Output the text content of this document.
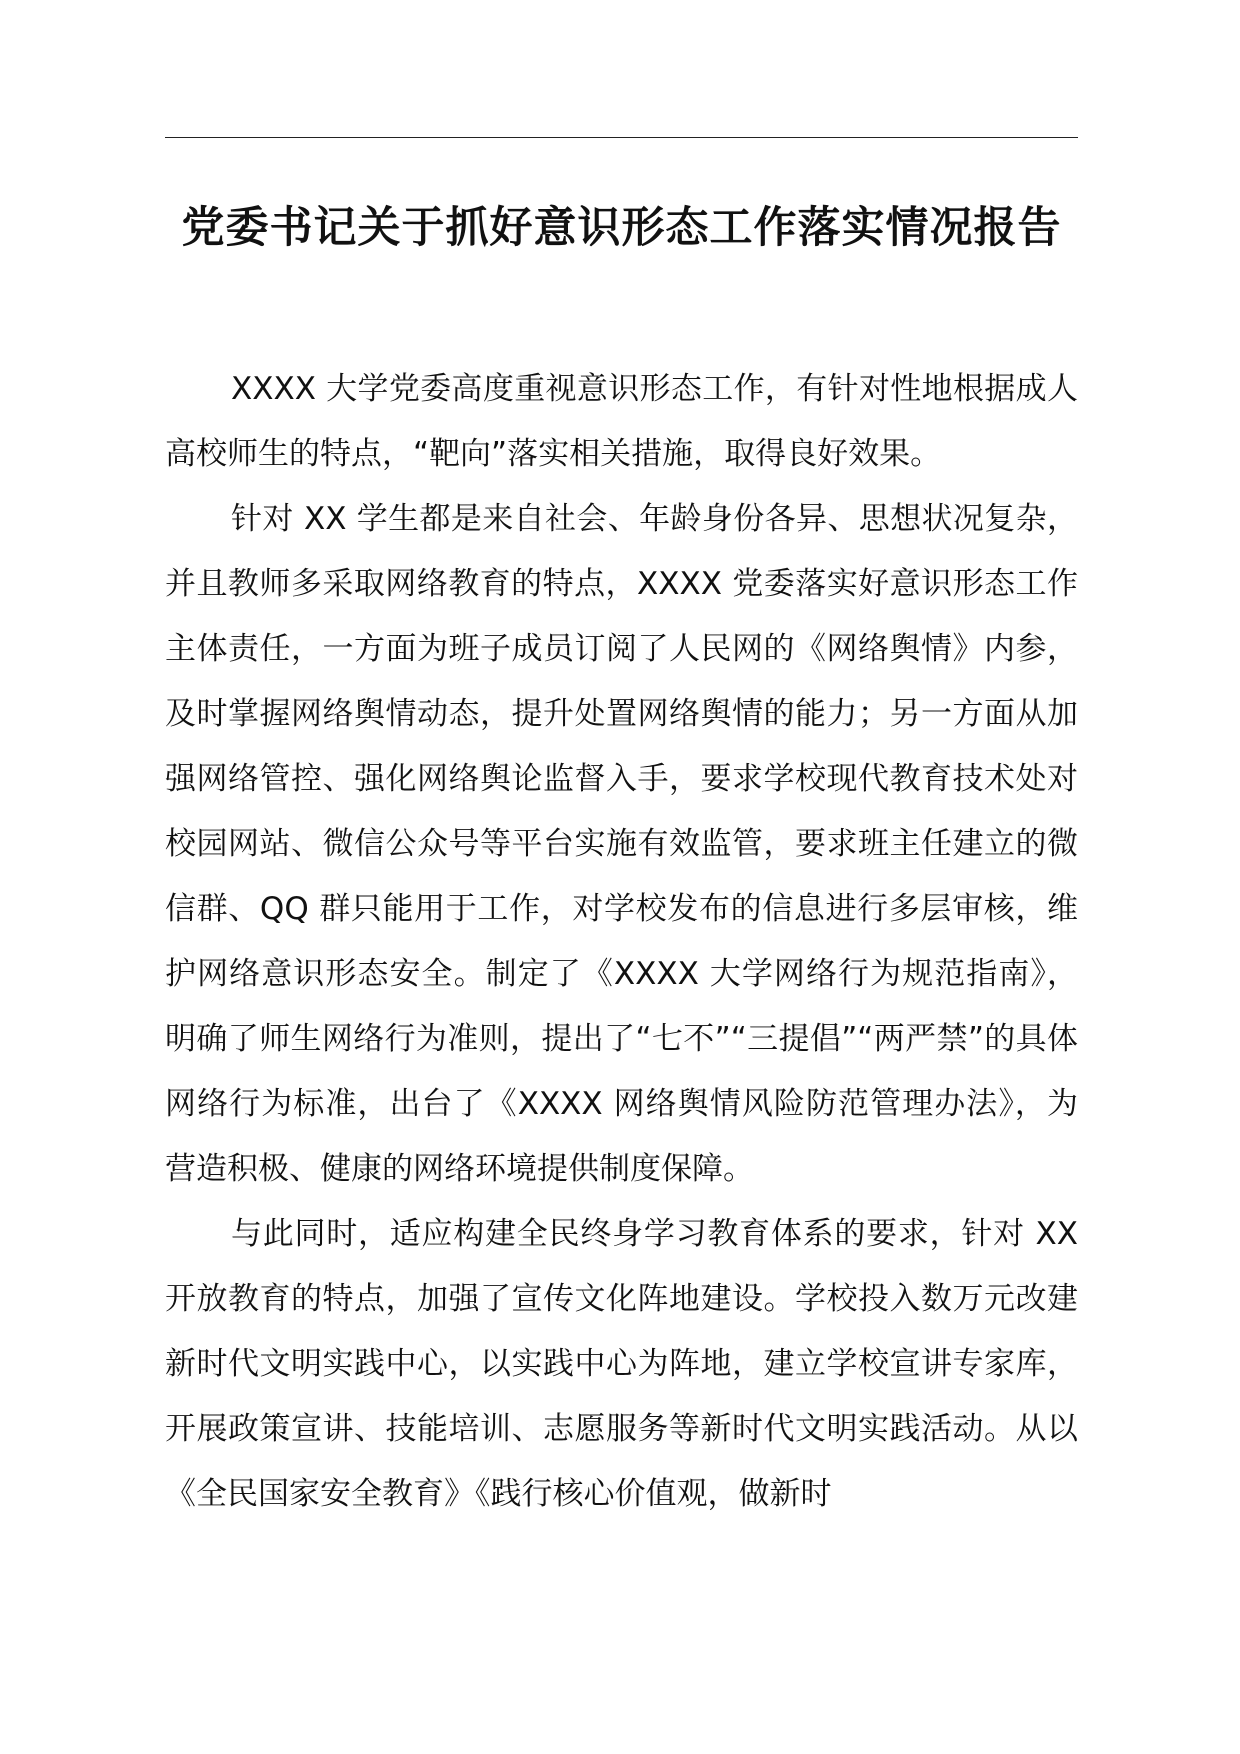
党委书记关于抓好意识形态工作落实情况报告

XXXX 大学党委高度重视意识形态工作，有针对性地根据成人高校师生的特点，“靶向”落实相关措施，取得良好效果。

针对 XX 学生都是来自社会、年龄身份各异、思想状况复杂，并且教师多采取网络教育的特点，XXXX 党委落实好意识形态工作主体责任，一方面为班子成员订阅了人民网的《网络舆情》内参，及时掌握网络舆情动态，提升处置网络舆情的能力；另一方面从加强网络管控、强化网络舆论监督入手，要求学校现代教育技术处对校园网站、微信公众号等平台实施有效监管，要求班主任建立的微信群、QQ 群只能用于工作，对学校发布的信息进行多层审核，维护网络意识形态安全。制定了《XXXX 大学网络行为规范指南》，明确了师生网络行为准则，提出了“七不”“三提倡”“两严禁”的具体网络行为标准，出台了《XXXX 网络舆情风险防范管理办法》，为营造积极、健康的网络环境提供制度保障。

与此同时，适应构建全民终身学习教育体系的要求，针对 XX 开放教育的特点，加强了宣传文化阵地建设。学校投入数万元改建新时代文明实践中心，以实践中心为阵地，建立学校宣讲专家库，开展政策宣讲、技能培训、志愿服务等新时代文明实践活动。从以《全民国家安全教育》《践行核心价值观，做新时
